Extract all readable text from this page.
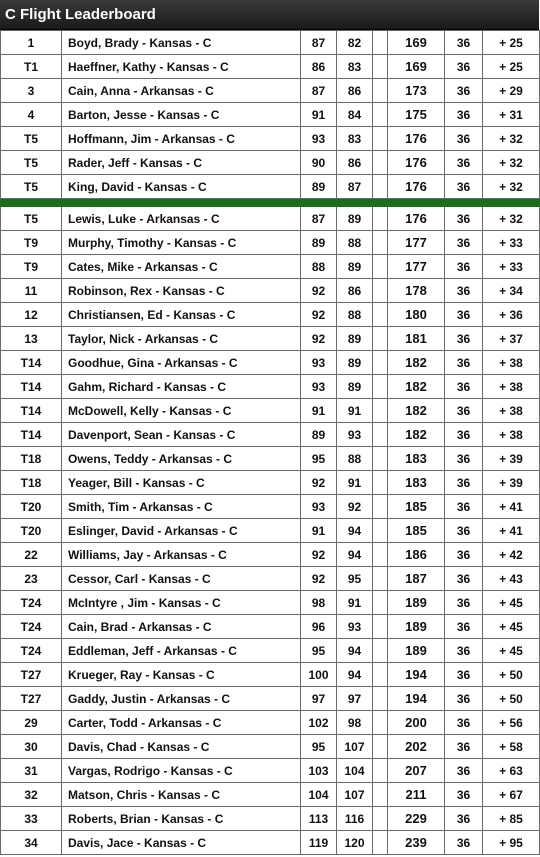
C Flight Leaderboard
1	Boyd, Brady - Kansas - C	87	82		169	36	+ 25
T1	Haeffner, Kathy - Kansas - C	86	83		169	36	+ 25
3	Cain, Anna - Arkansas - C	87	86		173	36	+ 29
4	Barton, Jesse - Kansas - C	91	84		175	36	+ 31
T5	Hoffmann, Jim - Arkansas - C	93	83		176	36	+ 32
T5	Rader, Jeff - Kansas - C	90	86		176	36	+ 32
T5	King, David - Kansas - C	89	87		176	36	+ 32

T5	Lewis, Luke - Arkansas - C	87	89		176	36	+ 32
T9	Murphy, Timothy - Kansas - C	89	88		177	36	+ 33
T9	Cates, Mike - Arkansas - C	88	89		177	36	+ 33
11	Robinson, Rex - Kansas - C	92	86		178	36	+ 34
12	Christiansen, Ed - Kansas - C	92	88		180	36	+ 36
13	Taylor, Nick - Arkansas - C	92	89		181	36	+ 37
T14	Goodhue, Gina - Arkansas - C	93	89		182	36	+ 38
T14	Gahm, Richard - Kansas - C	93	89		182	36	+ 38
T14	McDowell, Kelly - Kansas - C	91	91		182	36	+ 38
T14	Davenport, Sean - Kansas - C	89	93		182	36	+ 38
T18	Owens, Teddy - Arkansas - C	95	88		183	36	+ 39
T18	Yeager, Bill - Kansas - C	92	91		183	36	+ 39
T20	Smith, Tim - Arkansas - C	93	92		185	36	+ 41
T20	Eslinger, David - Arkansas - C	91	94		185	36	+ 41
22	Williams, Jay - Arkansas - C	92	94		186	36	+ 42
23	Cessor, Carl - Kansas - C	92	95		187	36	+ 43
T24	McIntyre , Jim - Kansas - C	98	91		189	36	+ 45
T24	Cain, Brad - Arkansas - C	96	93		189	36	+ 45
T24	Eddleman, Jeff - Arkansas - C	95	94		189	36	+ 45
T27	Krueger, Ray - Kansas - C	100	94		194	36	+ 50
T27	Gaddy, Justin - Arkansas - C	97	97		194	36	+ 50
29	Carter, Todd - Arkansas - C	102	98		200	36	+ 56
30	Davis, Chad - Kansas - C	95	107		202	36	+ 58
31	Vargas, Rodrigo - Kansas - C	103	104		207	36	+ 63
32	Matson, Chris - Kansas - C	104	107		211	36	+ 67
33	Roberts, Brian - Kansas - C	113	116		229	36	+ 85
34	Davis, Jace - Kansas - C	119	120		239	36	+ 95
